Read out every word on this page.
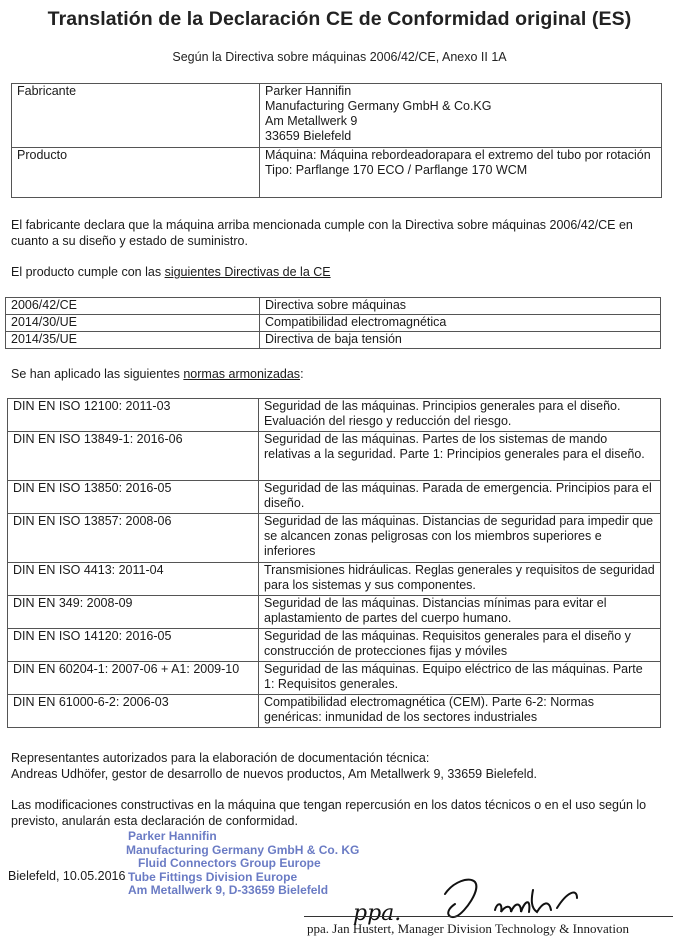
Translatión de la Declaración CE de Conformidad original (ES)
Según la Directiva sobre máquinas 2006/42/CE, Anexo II 1A
Fabricante	Parker Hannifin
Manufacturing Germany GmbH & Co.KG
Am Metallwerk 9
33659 Bielefeld

Producto	Máquina: Máquina rebordeadorapara el extremo del tubo por rotación
Tipo: Parflange 170 ECO / Parflange 170 WCM
El fabricante declara que la máquina arriba mencionada cumple con la Directiva sobre máquinas 2006/42/CE en cuanto a su diseño y estado de suministro.
El producto cumple con las siguientes Directivas de la CE
2006/42/CE	Directiva sobre máquinas
2014/30/UE	Compatibilidad electromagnética
2014/35/UE	Directiva de baja tensión
Se han aplicado las siguientes normas armonizadas:
DIN EN ISO 12100: 2011-03	Seguridad de las máquinas. Principios generales para el diseño. Evaluación del riesgo y reducción del riesgo.
DIN EN ISO 13849-1: 2016-06	Seguridad de las máquinas. Partes de los sistemas de mando relativas a la seguridad. Parte 1: Principios generales para el diseño.
DIN EN ISO 13850: 2016-05	Seguridad de las máquinas. Parada de emergencia. Principios para el diseño.
DIN EN ISO 13857: 2008-06	Seguridad de las máquinas. Distancias de seguridad para impedir que se alcancen zonas peligrosas con los miembros superiores e inferiores
DIN EN ISO 4413: 2011-04	Transmisiones hidráulicas. Reglas generales y requisitos de seguridad para los sistemas y sus componentes.
DIN EN 349: 2008-09	Seguridad de las máquinas. Distancias mínimas para evitar el aplastamiento de partes del cuerpo humano.
DIN EN ISO 14120: 2016-05	Seguridad de las máquinas. Requisitos generales para el diseño y construcción de protecciones fijas y móviles
DIN EN 60204-1: 2007-06 + A1: 2009-10	Seguridad de las máquinas. Equipo eléctrico de las máquinas. Parte 1: Requisitos generales.
DIN EN 61000-6-2: 2006-03	Compatibilidad electromagnética (CEM). Parte 6-2: Normas genéricas: inmunidad de los sectores industriales
Representantes autorizados para la elaboración de documentación técnica:
Andreas Udhöfer, gestor de desarrollo de nuevos productos, Am Metallwerk 9, 33659 Bielefeld.
Las modificaciones constructivas en la máquina que tengan repercusión en los datos técnicos o en el uso según lo previsto, anularán esta declaración de conformidad.
Parker Hannifin
Manufacturing Germany GmbH & Co. KG
Fluid Connectors Group Europe
Tube Fittings Division Europe
Am Metallwerk 9, D-33659 Bielefeld
Bielefeld, 10.05.2016
ppa.
ppa. Jan Hustert, Manager Division Technology & Innovation
